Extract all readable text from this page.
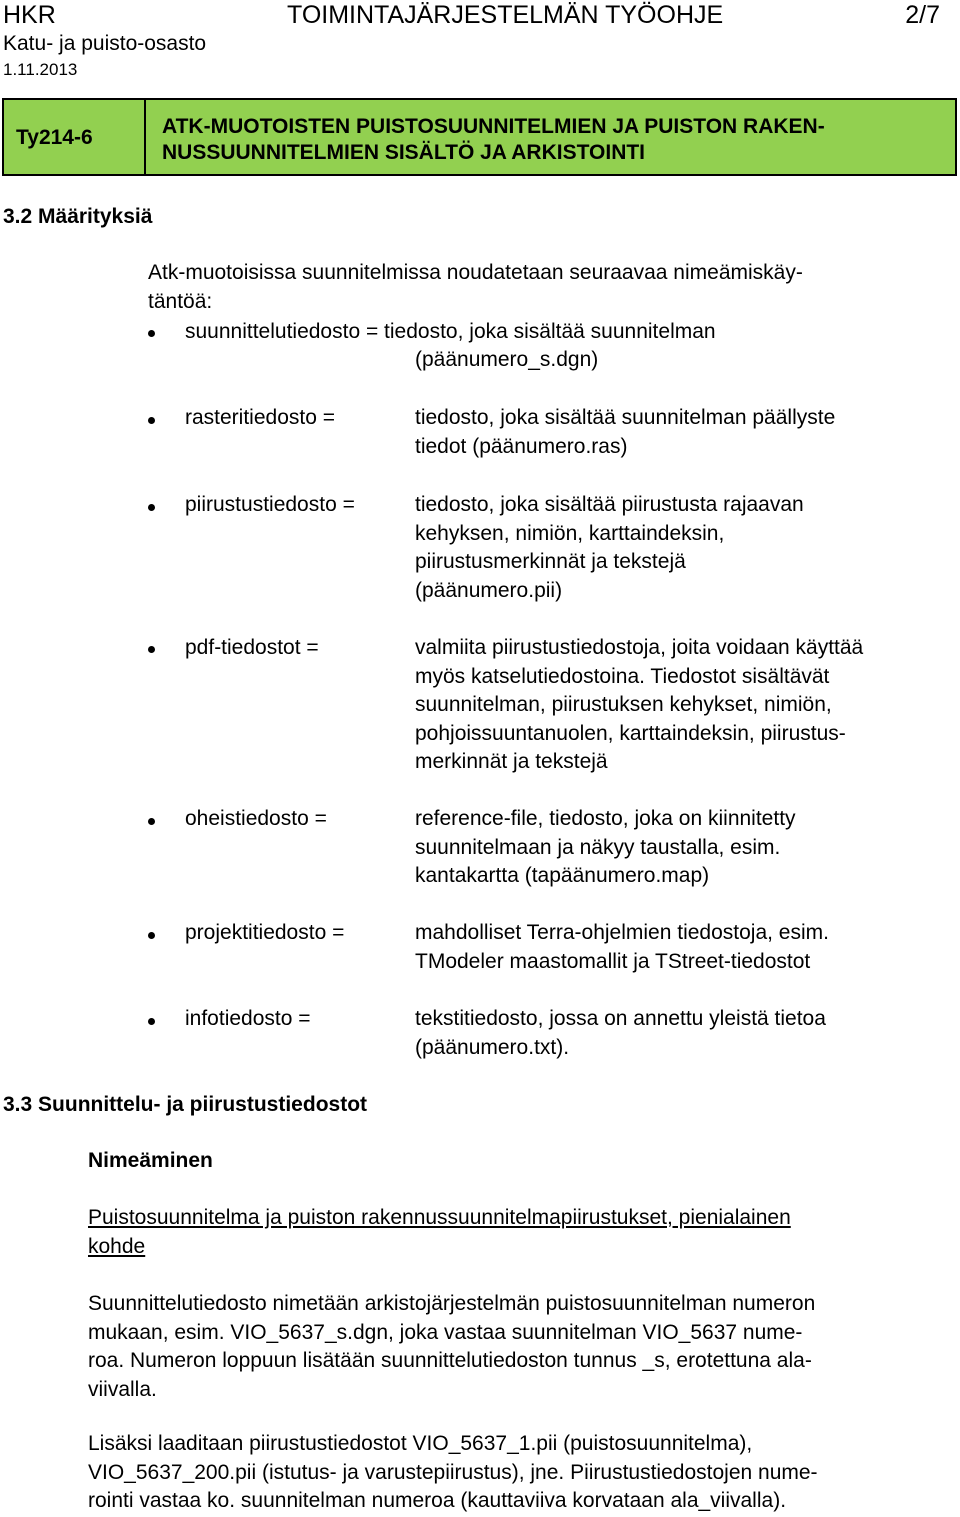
HKR	TOIMINTAJÄRJESTELMÄN TYÖOHJE	2/7
Katu- ja puisto-osasto
1.11.2013
Ty214-6	ATK-MUOTOISTEN PUISTOSUUNNITELMIEN JA PUISTON RAKEN-
NUSSUUNNITELMIEN SISÄLTÖ JA ARKISTOINTI
3.2 Määrityksiä
Atk-muotoisissa suunnitelmissa noudatetaan seuraavaa nimeämiskäy-
täntöä:
suunnittelutiedosto = tiedosto, joka sisältää suunnitelman
(päänumero_s.dgn)
rasteritiedosto =	tiedosto, joka sisältää suunnitelman päällyste
tiedot (päänumero.ras)
piirustustiedosto =	tiedosto, joka sisältää piirustusta rajaavan
kehyksen, nimiön, karttaindeksin,
piirustusmerkinnät ja tekstejä
(päänumero.pii)
pdf-tiedostot =	valmiita piirustustiedostoja, joita voidaan käyttää
myös katselutiedostoina. Tiedostot sisältävät
suunnitelman, piirustuksen kehykset, nimiön,
pohjoissuuntanuolen, karttaindeksin, piirustus-
merkinnät ja tekstejä
oheistiedosto =	reference-file, tiedosto, joka on kiinnitetty
suunnitelmaan ja näkyy taustalla, esim.
kantakartta (tapäänumero.map)
projektitiedosto =	mahdolliset Terra-ohjelmien tiedostoja, esim.
TModeler maastomallit ja TStreet-tiedostot
infotiedosto =	tekstitiedosto, jossa on annettu yleistä tietoa
(päänumero.txt).
3.3 Suunnittelu- ja piirustustiedostot
Nimeäminen
Puistosuunnitelma ja puiston rakennussuunnitelmapiirustukset, pienialainen
kohde
Suunnittelutiedosto nimetään arkistojärjestelmän puistosuunnitelman numeron
mukaan, esim. VIO_5637_s.dgn, joka vastaa suunnitelman VIO_5637 nume-
roa. Numeron loppuun lisätään suunnittelutiedoston tunnus _s, erotettuna ala-
viivalla.
Lisäksi laaditaan piirustustiedostot VIO_5637_1.pii (puistosuunnitelma),
VIO_5637_200.pii (istutus- ja varustepiirustus), jne. Piirustustiedostojen nume-
rointi vastaa ko. suunnitelman numeroa (kauttaviiva korvataan ala_viivalla).
